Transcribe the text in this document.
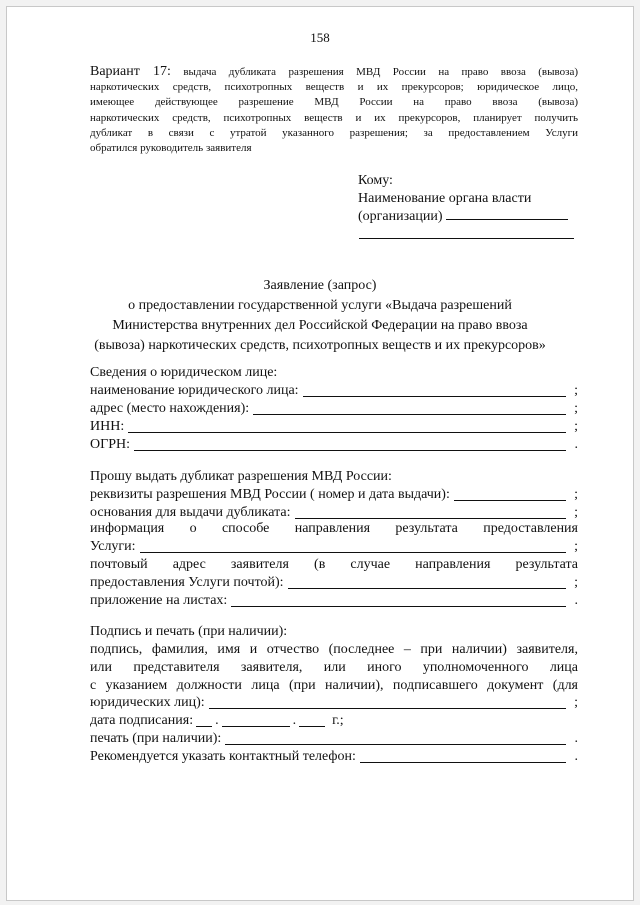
158
Вариант 17: выдача дубликата разрешения МВД России на право ввоза (вывоза)
наркотических средств, психотропных веществ и их прекурсоров; юридическое лицо,
имеющее действующее разрешение МВД России на право ввоза (вывоза)
наркотических средств, психотропных веществ и их прекурсоров, планирует получить
дубликат в связи с утратой указанного разрешения; за предоставлением Услуги
обратился руководитель заявителя
Кому:
Наименование органа власти
(организации)
Заявление (запрос)
о предоставлении государственной услуги «Выдача разрешений
Министерства внутренних дел Российской Федерации на право ввоза
(вывоза) наркотических средств, психотропных веществ и их прекурсоров»
Сведения о юридическом лице:
наименование юридического лица:	;
адрес (место нахождения):	;
ИНН:	;
ОГРН:	.
Прошу выдать дубликат разрешения МВД России:
реквизиты разрешения МВД России ( номер и дата выдачи):	;
основания для выдачи дубликата:	;
информация о способе направления результата предоставления
Услуги:	;
почтовый адрес заявителя (в случае направления результата
предоставления Услуги почтой):	;
приложение на листах:	.
Подпись и печать (при наличии):
подпись, фамилия, имя и отчество (последнее – при наличии) заявителя,
или представителя заявителя, или иного уполномоченного лица
с указанием должности лица (при наличии), подписавшего документ (для
юридических лиц):	;
дата подписания: .	.	г.;
печать (при наличии):	.
Рекомендуется указать контактный телефон:	.
